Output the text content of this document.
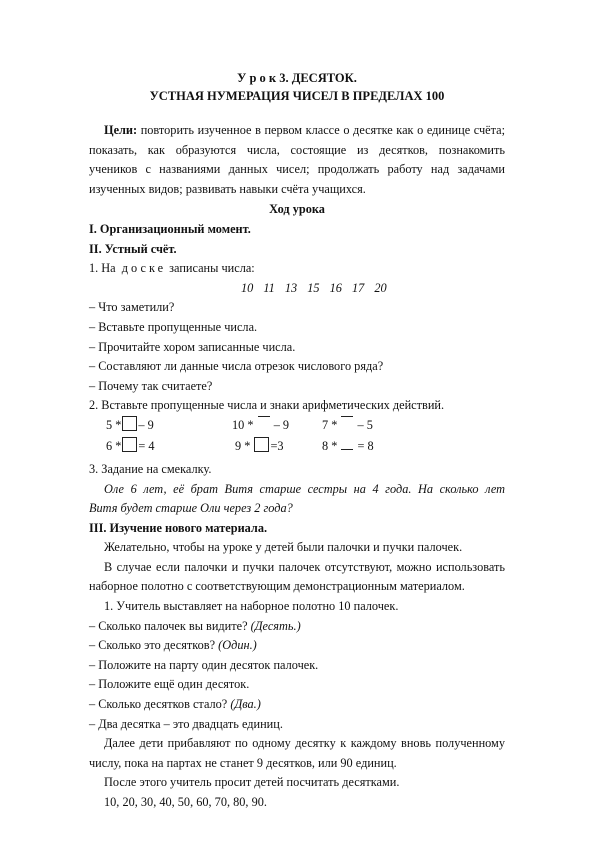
У р о к 3. ДЕСЯТОК.
УСТНАЯ НУМЕРАЦИЯ ЧИСЕЛ В ПРЕДЕЛАХ 100
Цели: повторить изученное в первом классе о десятке как о единице счёта;
показать, как образуются числа, состоящие из десятков, познакомить
учеников с названиями данных чисел; продолжать работу над задачами
изученных видов; развивать навыки счёта учащихся.
Ход урока
I. Организационный момент.
II. Устный счёт.
1. На доске записаны числа:
10 11 13 15 16 17 20
– Что заметили?
– Вставьте пропущенные числа.
– Прочитайте хором записанные числа.
– Составляют ли данные числа отрезок числового ряда?
– Почему так считаете?
2. Вставьте пропущенные числа и знаки арифметических действий.
5 * – 9	10 * – 9	7 * – 5
6 * = 4	9 * =3	8 * = 8
3. Задание на смекалку.
Оле 6 лет, её брат Витя старше сестры на 4 года. На сколько лет
Витя будет старше Оли через 2 года?
III. Изучение нового материала.
Желательно, чтобы на уроке у детей были палочки и пучки палочек.
В случае если палочки и пучки палочек отсутствуют, можно использовать
наборное полотно с соответствующим демонстрационным материалом.
1. Учитель выставляет на наборное полотно 10 палочек.
– Сколько палочек вы видите? (Десять.)
– Сколько это десятков? (Один.)
– Положите на парту один десяток палочек.
– Положите ещё один десяток.
– Сколько десятков стало? (Два.)
– Два десятка – это двадцать единиц.
Далее дети прибавляют по одному десятку к каждому вновь полученному
числу, пока на партах не станет 9 десятков, или 90 единиц.
После этого учитель просит детей посчитать десятками.
10, 20, 30, 40, 50, 60, 70, 80, 90.
